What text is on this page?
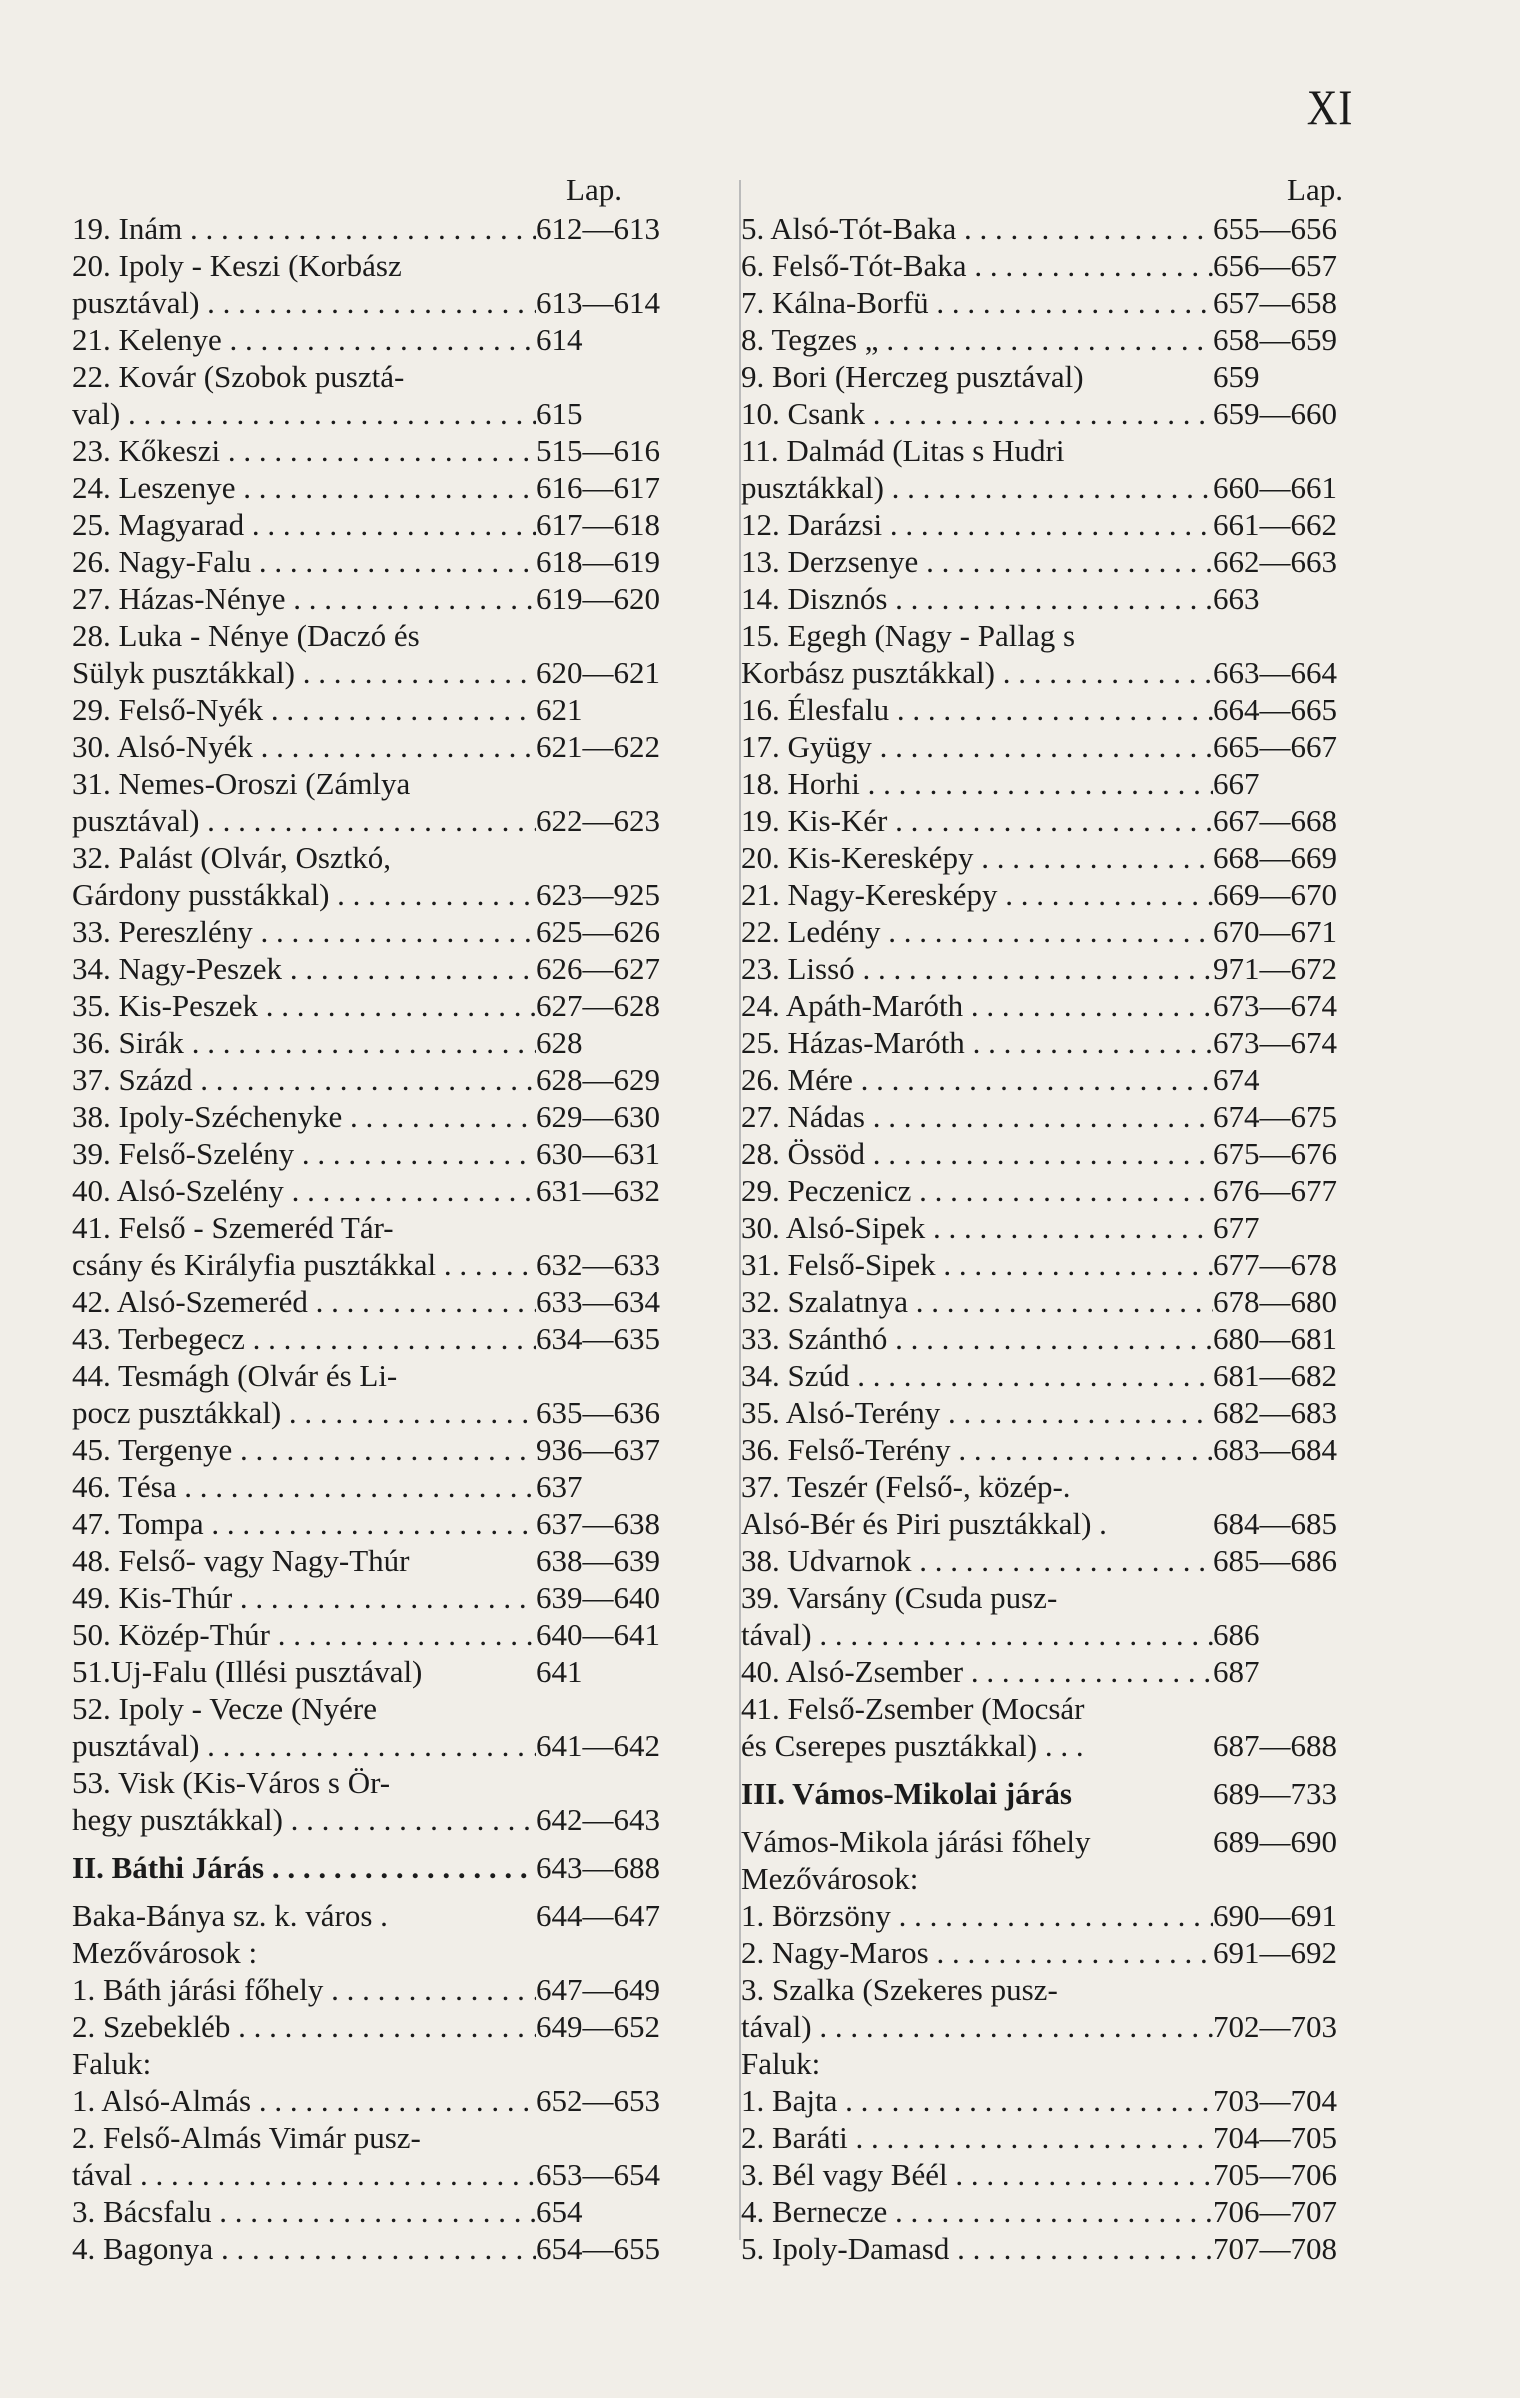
XI
Lap.
19. Inám . . .	612—613
20. Ipoly - Keszi (Korbász
pusztával) . . .	613—614
21. Kelenye . . .	614
22. Kovár (Szobok pusztá-
val) . . .	615
23. Kőkeszi . . .	515—616
24. Leszenye . . .	616—617
25. Magyarad . . .	617—618
26. Nagy-Falu . . .	618—619
27. Házas-Nénye . . .	619—620
28. Luka - Nénye (Daczó és
Sülyk pusztákkal) . . .	620—621
29. Felső-Nyék . . .	621
30. Alsó-Nyék . . .	621—622
31. Nemes-Oroszi (Zámlya
pusztával) . . .	622—623
32. Palást (Olvár, Osztkó,
Gárdony pusstákkal) . . .	623—925
33. Pereszlény . . .	625—626
34. Nagy-Peszek . . .	626—627
35. Kis-Peszek . . .	627—628
36. Sirák . . .	628
37. Százd . . .	628—629
38. Ipoly-Széchenyke . . .	629—630
39. Felső-Szelény . . .	630—631
40. Alsó-Szelény . . .	631—632
41. Felső - Szemeréd Tár-
csány és Királyfia pusztákkal . . .	632—633
42. Alsó-Szemeréd . . .	633—634
43. Terbegecz . . .	634—635
44. Tesmágh (Olvár és Li-
pocz pusztákkal) . . .	635—636
45. Tergenye . . .	936—637
46. Tésa . . .	637
47. Tompa . . .	637—638
48. Felső- vagy Nagy-Thúr	638—639
49. Kis-Thúr . . .	639—640
50. Közép-Thúr . . .	640—641
51.Uj-Falu (Illési pusztával)	641
52. Ipoly - Vecze (Nyére
pusztával) . . .	641—642
53. Visk (Kis-Város s Ör-
hegy pusztákkal) . . .	642—643
II. Báthi Járás . . .	643—688
Baka-Bánya sz. k. város .	644—647
Mezővárosok :
1. Báth járási főhely . . .	647—649
2. Szebekléb . . .	649—652
Faluk:
1. Alsó-Almás . . .	652—653
2. Felső-Almás Vimár pusz-
tával . . .	653—654
3. Bácsfalu . . .	654
4. Bagonya . . .	654—655
Lap.
5. Alsó-Tót-Baka . . .	655—656
6. Felső-Tót-Baka . . .	656—657
7. Kálna-Borfü . . .	657—658
8. Tegzes „ . . .	658—659
9. Bori (Herczeg pusztával)	659
10. Csank . . .	659—660
11. Dalmád (Litas s Hudri
pusztákkal) . . .	660—661
12. Darázsi . . .	661—662
13. Derzsenye . . .	662—663
14. Disznós . . .	663
15. Egegh (Nagy - Pallag s
Korbász pusztákkal) . . .	663—664
16. Élesfalu . . .	664—665
17. Gyügy . . .	665—667
18. Horhi . . .	667
19. Kis-Kér . . .	667—668
20. Kis-Keresképy . . .	668—669
21. Nagy-Keresképy . . .	669—670
22. Ledény . . .	670—671
23. Lissó . . .	971—672
24. Apáth-Maróth . . .	673—674
25. Házas-Maróth . . .	673—674
26. Mére . . .	674
27. Nádas . . .	674—675
28. Össöd . . .	675—676
29. Peczenicz . . .	676—677
30. Alsó-Sipek . . .	677
31. Felső-Sipek . . .	677—678
32. Szalatnya . . .	678—680
33. Szánthó . . .	680—681
34. Szúd . . .	681—682
35. Alsó-Terény . . .	682—683
36. Felső-Terény . . .	683—684
37. Teszér (Felső-, közép-.
Alsó-Bér és Piri pusztákkal) .	684—685
38. Udvarnok . . .	685—686
39. Varsány (Csuda pusz-
tával) . . .	686
40. Alsó-Zsember . . .	687
41. Felső-Zsember (Mocsár
és Cserepes pusztákkal) . . .	687—688
III. Vámos-Mikolai járás	689—733
Vámos-Mikola járási főhely	689—690
Mezővárosok:
1. Börzsöny . . .	690—691
2. Nagy-Maros . . .	691—692
3. Szalka (Szekeres pusz-
tával) . . .	702—703
Faluk:
1. Bajta . . .	703—704
2. Baráti . . .	704—705
3. Bél vagy Béél . . .	705—706
4. Bernecze . . .	706—707
5. Ipoly-Damasd . . .	707—708
